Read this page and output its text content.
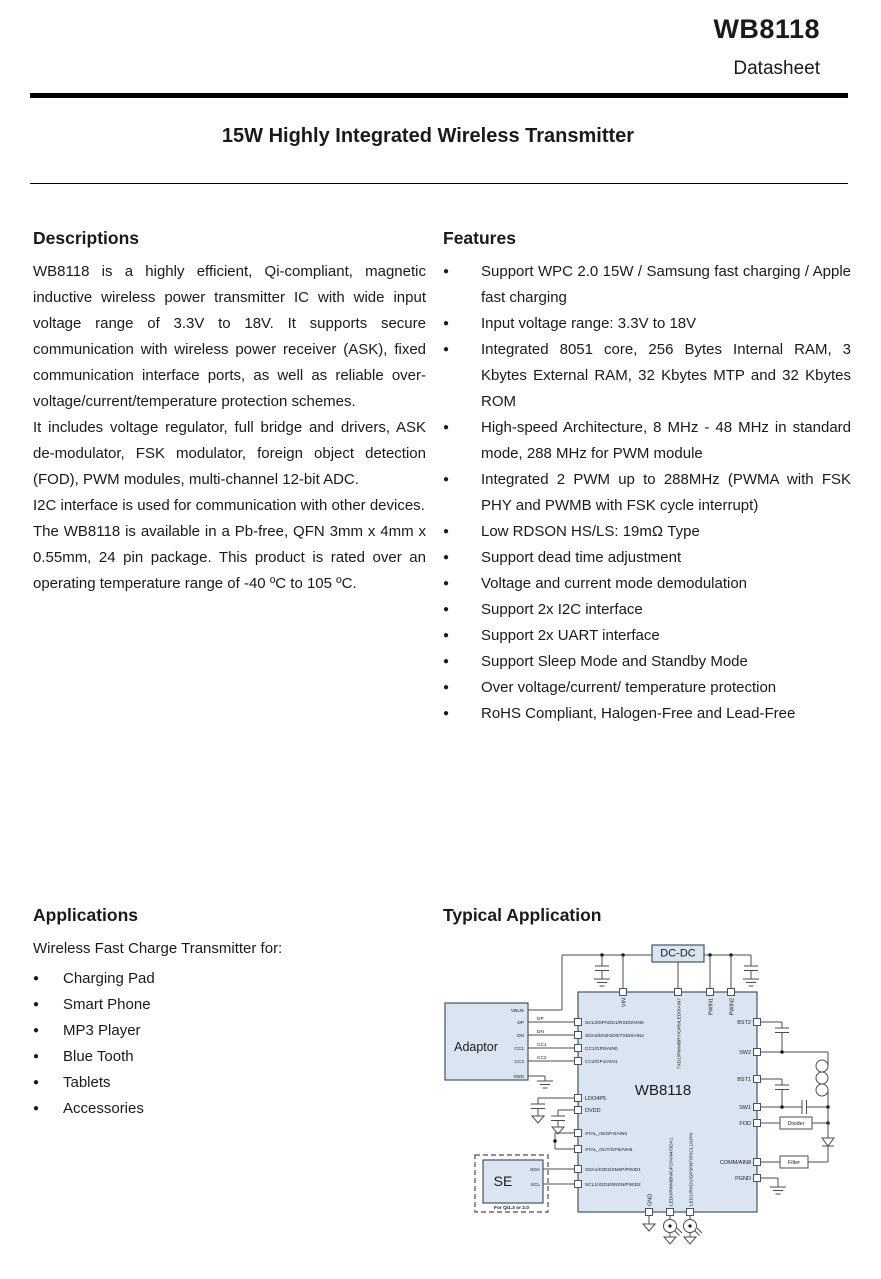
WB8118
Datasheet
15W Highly Integrated Wireless Transmitter
Descriptions

WB8118 is a highly efficient, Qi-compliant, magnetic inductive wireless power transmitter IC with wide input voltage range of 3.3V to 18V. It supports secure communication with wireless power receiver (ASK), fixed communication interface ports, as well as reliable over-voltage/current/temperature protection schemes.

It includes voltage regulator, full bridge and drivers, ASK de-modulator, FSK modulator, foreign object detection (FOD), PWM modules, multi-channel 12-bit ADC.

I2C interface is used for communication with other devices.

The WB8118 is available in a Pb-free, QFN 3mm x 4mm x 0.55mm, 24 pin package. This product is rated over an operating temperature range of -40 ºC to 105 ºC.

Features
●	Support WPC 2.0 15W / Samsung fast charging / Apple fast charging
●	Input voltage range: 3.3V to 18V
●	Integrated 8051 core, 256 Bytes Internal RAM, 3 Kbytes External RAM, 32 Kbytes MTP and 32 Kbytes ROM
●	High-speed Architecture, 8 MHz - 48 MHz in standard mode, 288 MHz for PWM module
●	Integrated 2 PWM up to 288MHz (PWMA with FSK PHY and PWMB with FSK cycle interrupt)
●	Low RDSON HS/LS: 19mΩ Type
●	Support dead time adjustment
●	Voltage and current mode demodulation
●	Support 2x I2C interface
●	Support 2x UART interface
●	Support Sleep Mode and Standby Mode
●	Over voltage/current/ temperature protection
●	RoHS Compliant, Halogen-Free and Lead-Free
Applications
Wireless Fast Charge Transmitter for:
●	Charging Pad
●	Smart Phone
●	MP3 Player
●	Blue Tooth
●	Tablets
●	Accessories
Typical Application
DC-DC
Adaptor
VBUS
DP
DN
CC1
CC2
GND
DP
DN
CC1
CC2
WB8118
VIN	TXD1/PWMBRY/GP6/LED0/AIN7	PWIN1	PWIN2
SCL0/DP/IOD1/RXD0/AIN0
SDA0/DN/IOD0/TXD0/AIN2
CC1/GP0/AIN0
CC2/GP1/AIN1
LDO4P5
DVDD
XTAL_IN/GP4/AIN5
XTAL_OUT/GP5/AIN6
SDA1/IOD2/SNSP/PWID1
SCL1/IOD3/SNSN/PWID2
BST2
SW2
BST1
SW1
FOD
COMM/AIN8
PGND
GND	LED0/PWMBN/GP2/AIN4/SDA1	LED1/RXD1/GP3/INT0/SCL1/LPN
SE
SDA
SCL
For Qi1.3 or 2.0
Divider
Filter
